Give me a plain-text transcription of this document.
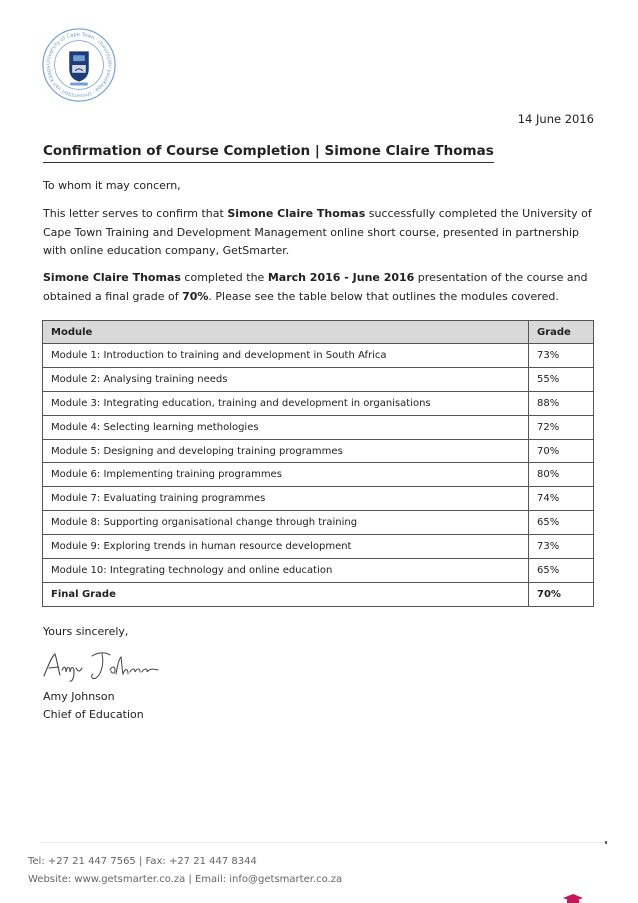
University of Cape Town · iYunivesithi yaseKapa · Universiteit van Kaaps
14 June 2016
Confirmation of Course Completion | Simone Claire Thomas
To whom it may concern,
This letter serves to confirm that Simone Claire Thomas successfully completed the University of Cape Town Training and Development Management online short course, presented in partnership with online education company, GetSmarter.
Simone Claire Thomas completed the March 2016 - June 2016 presentation of the course and obtained a final grade of 70%. Please see the table below that outlines the modules covered.
Module	Grade
Module 1: Introduction to training and development in South Africa	73%
Module 2: Analysing training needs	55%
Module 3: Integrating education, training and development in organisations	88%
Module 4: Selecting learning methologies	72%
Module 5: Designing and developing training programmes	70%
Module 6: Implementing training programmes	80%
Module 7: Evaluating training programmes	74%
Module 8: Supporting organisational change through training	65%
Module 9: Exploring trends in human resource development	73%
Module 10: Integrating technology and online education	65%
Final Grade	70%
Yours sincerely,
Amy Johnson
Chief of Education
Tel: +27 21 447 7565 | Fax: +27 21 447 8344
Website: www.getsmarter.co.za | Email: info@getsmarter.co.za
